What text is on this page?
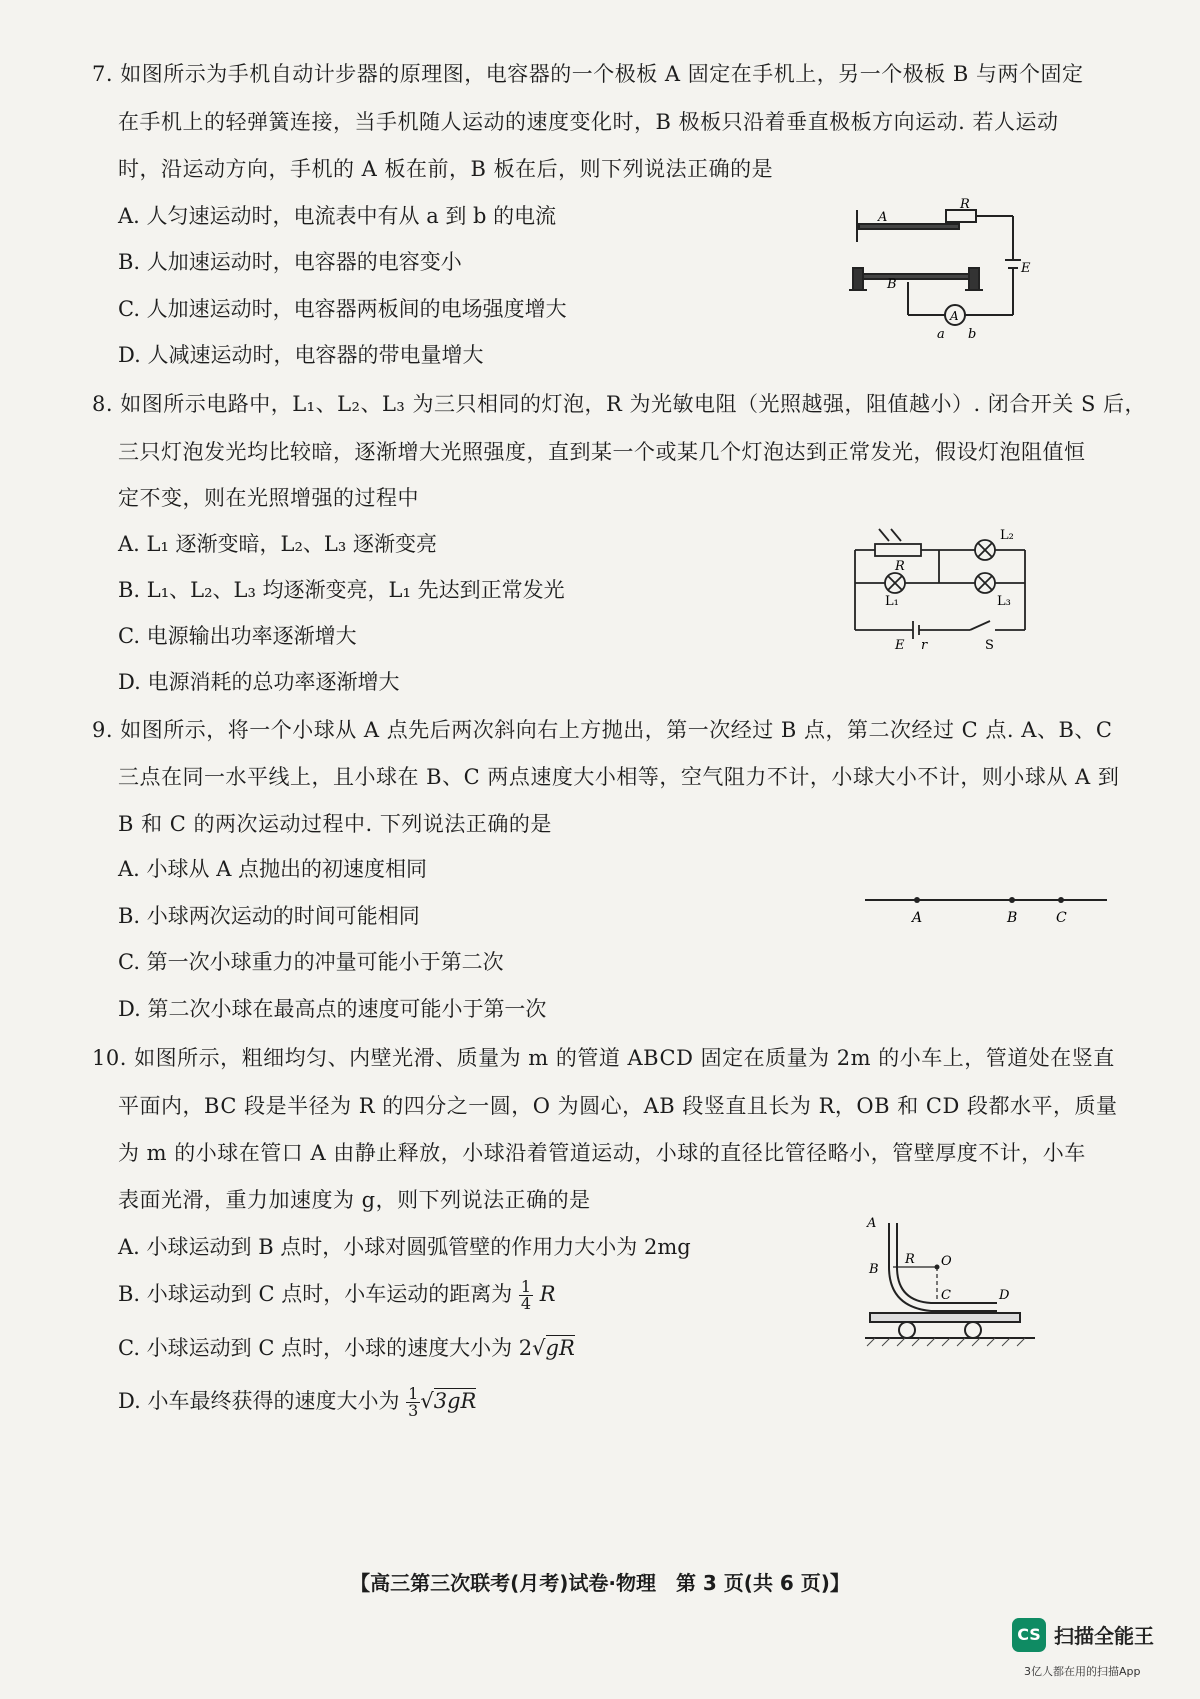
7. 如图所示为手机自动计步器的原理图，电容器的一个极板 A 固定在手机上，另一个极板 B 与两个固定
在手机上的轻弹簧连接，当手机随人运动的速度变化时，B 极板只沿着垂直极板方向运动. 若人运动
时，沿运动方向，手机的 A 板在前，B 板在后，则下列说法正确的是
A. 人匀速运动时，电流表中有从 a 到 b 的电流
B. 人加速运动时，电容器的电容变小
C. 人加速运动时，电容器两板间的电场强度增大
D. 人减速运动时，电容器的带电量增大
A
R
E
B
A
a b
8. 如图所示电路中，L₁、L₂、L₃ 为三只相同的灯泡，R 为光敏电阻（光照越强，阻值越小）. 闭合开关 S 后，
三只灯泡发光均比较暗，逐渐增大光照强度，直到某一个或某几个灯泡达到正常发光，假设灯泡阻值恒
定不变，则在光照增强的过程中
A. L₁ 逐渐变暗，L₂、L₃ 逐渐变亮
B. L₁、L₂、L₃ 均逐渐变亮，L₁ 先达到正常发光
C. 电源输出功率逐渐增大
D. 电源消耗的总功率逐渐增大
R
L₂
L₁	L₃
E r	S
9. 如图所示，将一个小球从 A 点先后两次斜向右上方抛出，第一次经过 B 点，第二次经过 C 点. A、B、C
三点在同一水平线上，且小球在 B、C 两点速度大小相等，空气阻力不计，小球大小不计，则小球从 A 到
B 和 C 的两次运动过程中. 下列说法正确的是
A. 小球从 A 点抛出的初速度相同
B. 小球两次运动的时间可能相同
C. 第一次小球重力的冲量可能小于第二次
D. 第二次小球在最高点的速度可能小于第一次
A	B	C
10. 如图所示，粗细均匀、内壁光滑、质量为 m 的管道 ABCD 固定在质量为 2m 的小车上，管道处在竖直
平面内，BC 段是半径为 R 的四分之一圆，O 为圆心，AB 段竖直且长为 R，OB 和 CD 段都水平，质量
为 m 的小球在管口 A 由静止释放，小球沿着管道运动，小球的直径比管径略小，管壁厚度不计，小车
表面光滑，重力加速度为 g，则下列说法正确的是
A. 小球运动到 B 点时，小球对圆弧管壁的作用力大小为 2mg
B. 小球运动到 C 点时，小车运动的距离为 $\frac{1}{4}$ R
C. 小球运动到 C 点时，小球的速度大小为 2√gR
D. 小车最终获得的速度大小为 $\frac{1}{3} √3gR$
A
B
R O
C	D
【高三第三次联考(月考)试卷·物理　第 3 页(共 6 页)】
CS 扫描全能王
3亿人都在用的扫描App
